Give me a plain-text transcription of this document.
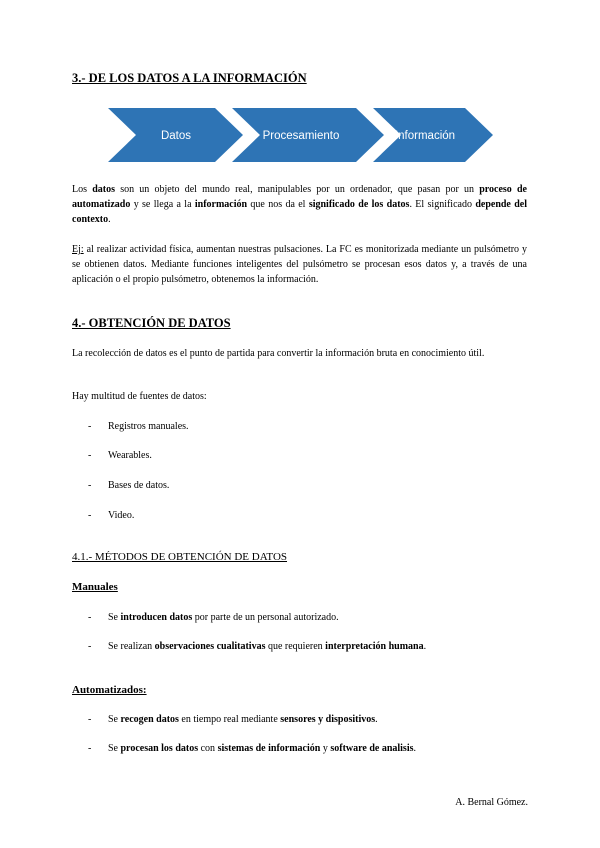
3.- DE LOS DATOS A LA INFORMACIÓN
Datos	Procesamiento	Información
Los datos son un objeto del mundo real, manipulables por un ordenador, que pasan por un proceso de automatizado y se llega a la información que nos da el significado de los datos. El significado depende del contexto.
Ej: al realizar actividad física, aumentan nuestras pulsaciones. La FC es monitorizada mediante un pulsómetro y se obtienen datos. Mediante funciones inteligentes del pulsómetro se procesan esos datos y, a través de una aplicación o el propio pulsómetro, obtenemos la información.
4.- OBTENCIÓN DE DATOS
La recolección de datos es el punto de partida para convertir la información bruta en conocimiento útil.
Hay multitud de fuentes de datos:
- Registros manuales.
- Wearables.
- Bases de datos.
- Video.
4.1.- MÉTODOS DE OBTENCIÓN DE DATOS
Manuales
- Se introducen datos por parte de un personal autorizado.
- Se realizan observaciones cualitativas que requieren interpretación humana.
Automatizados:
- Se recogen datos en tiempo real mediante sensores y dispositivos.
- Se procesan los datos con sistemas de información y software de analisis.
A. Bernal Gómez.
